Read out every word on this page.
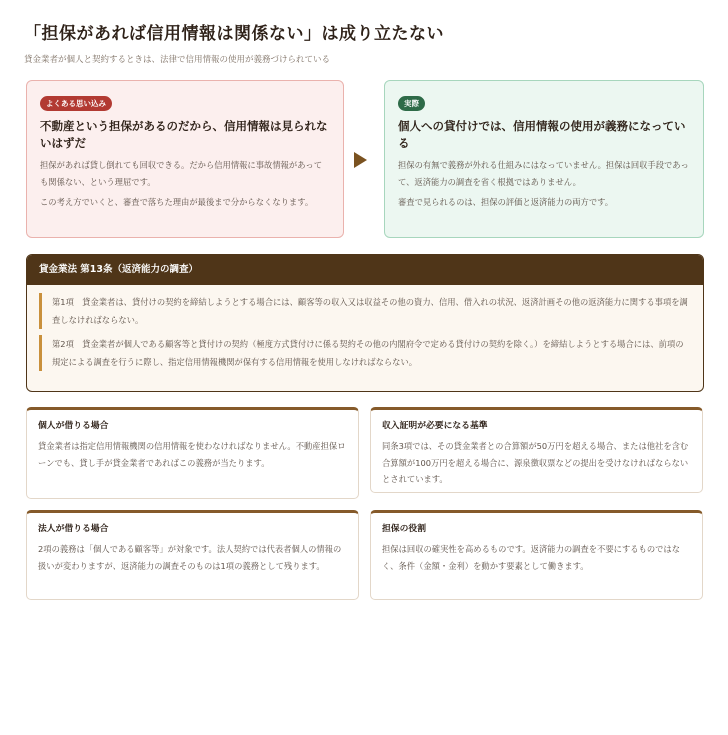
「担保があれば信用情報は関係ない」は成り立たない

貸金業者が個人と契約するときは、法律で信用情報の使用が義務づけられている

よくある思い込み
不動産という担保があるのだから、信用情報は見られないはずだ

担保があれば貸し倒れても回収できる。だから信用情報に事故情報があっても関係ない、という理屈です。

この考え方でいくと、審査で落ちた理由が最後まで分からなくなります。

実際
個人への貸付けでは、信用情報の使用が義務になっている

担保の有無で義務が外れる仕組みにはなっていません。担保は回収手段であって、返済能力の調査を省く根拠ではありません。

審査で見られるのは、担保の評価と返済能力の両方です。

貸金業法 第13条（返済能力の調査）

第1項　貸金業者は、貸付けの契約を締結しようとする場合には、顧客等の収入又は収益その他の資力、信用、借入れの状況、返済計画その他の返済能力に関する事項を調査しなければならない。

第2項　貸金業者が個人である顧客等と貸付けの契約（極度方式貸付けに係る契約その他の内閣府令で定める貸付けの契約を除く。）を締結しようとする場合には、前項の規定による調査を行うに際し、指定信用情報機関が保有する信用情報を使用しなければならない。

個人が借りる場合

貸金業者は指定信用情報機関の信用情報を使わなければなりません。不動産担保ローンでも、貸し手が貸金業者であればこの義務が当たります。

収入証明が必要になる基準

同条3項では、その貸金業者との合算額が50万円を超える場合、または他社を含む合算額が100万円を超える場合に、源泉徴収票などの提出を受けなければならないとされています。

法人が借りる場合

2項の義務は「個人である顧客等」が対象です。法人契約では代表者個人の情報の扱いが変わりますが、返済能力の調査そのものは1項の義務として残ります。

担保の役割

担保は回収の確実性を高めるものです。返済能力の調査を不要にするものではなく、条件（金額・金利）を動かす要素として働きます。
